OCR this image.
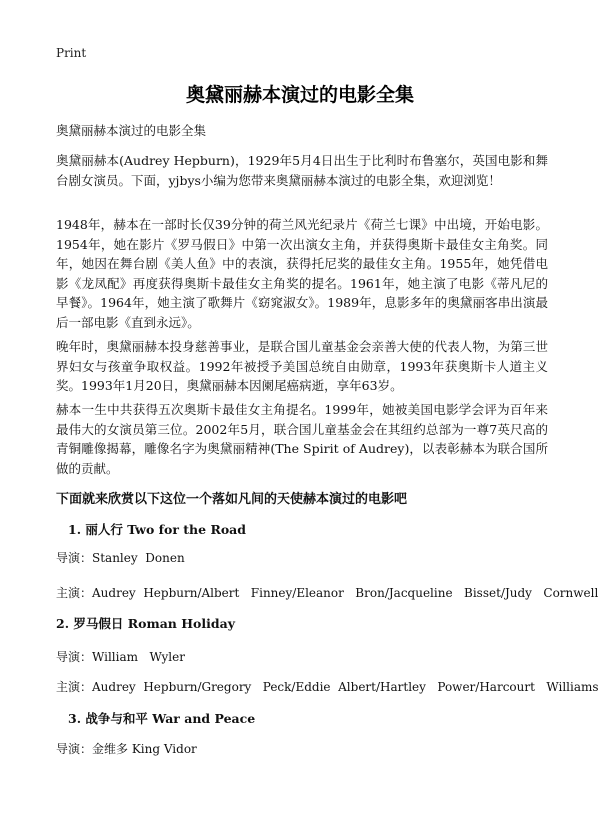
Print
奥黛丽赫本演过的电影全集
奥黛丽赫本演过的电影全集

奥黛丽赫本(Audrey Hepburn)，1929年5月4日出生于比利时布鲁塞尔，英国电影和舞台剧女演员。下面，yjbys小编为您带来奥黛丽赫本演过的电影全集，欢迎浏览！

1948年，赫本在一部时长仅39分钟的荷兰风光纪录片《荷兰七课》中出境，开始电影。1954年，她在影片《罗马假日》中第一次出演女主角，并获得奥斯卡最佳女主角奖。同年，她因在舞台剧《美人鱼》中的表演，获得托尼奖的最佳女主角。1955年，她凭借电影《龙凤配》再度获得奥斯卡最佳女主角奖的提名。1961年，她主演了电影《蒂凡尼的早餐》。1964年，她主演了歌舞片《窈窕淑女》。1989年，息影多年的奥黛丽客串出演最后一部电影《直到永远》。

晚年时，奥黛丽赫本投身慈善事业，是联合国儿童基金会亲善大使的代表人物，为第三世界妇女与孩童争取权益。1992年被授予美国总统自由勋章，1993年获奥斯卡人道主义奖。1993年1月20日，奥黛丽赫本因阑尾癌病逝，享年63岁。

赫本一生中共获得五次奥斯卡最佳女主角提名。1999年，她被美国电影学会评为百年来最伟大的女演员第三位。2002年5月，联合国儿童基金会在其纽约总部为一尊7英尺高的青铜雕像揭幕，雕像名字为奥黛丽精神(The Spirit of Audrey)，以表彰赫本为联合国所做的贡献。

下面就来欣赏以下这位一个落如凡间的天使赫本演过的电影吧

1. 丽人行 Two for the Road

导演：Stanley  Donen
主演：Audrey  Hepburn/Albert   Finney/Eleanor   Bron/Jacqueline   Bisset/Judy   Cornwell

2. 罗马假日 Roman Holiday

导演：William   Wyler
主演：Audrey  Hepburn/Gregory   Peck/Eddie  Albert/Hartley   Power/Harcourt   Williams

3. 战争与和平 War and Peace

导演：金维多 King Vidor
